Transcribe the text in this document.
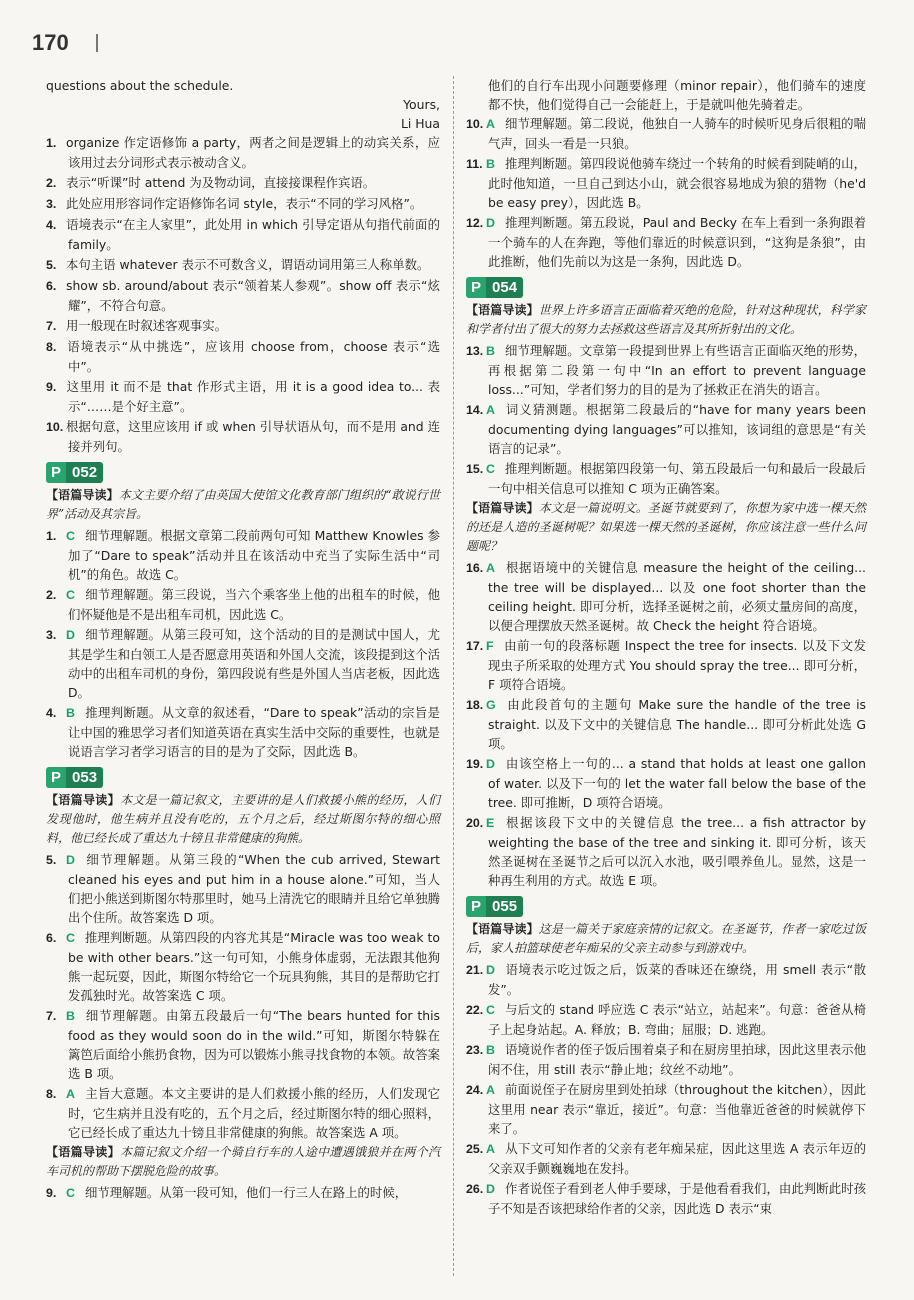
170

questions about the schedule.

Yours,

Li Hua

1. organize 作定语修饰 a party，两者之间是逻辑上的动宾关系，应该用过去分词形式表示被动含义。

2. 表示“听课”时 attend 为及物动词，直接接课程作宾语。

3. 此处应用形容词作定语修饰名词 style，表示“不同的学习风格”。

4. 语境表示“在主人家里”，此处用 in which 引导定语从句指代前面的 family。

5. 本句主语 whatever 表示不可数含义，谓语动词用第三人称单数。

6. show sb. around/about 表示“领着某人参观”。show off 表示“炫耀”，不符合句意。

7. 用一般现在时叙述客观事实。

8. 语境表示“从中挑选”，应该用 choose from，choose 表示“选中”。

9. 这里用 it 而不是 that 作形式主语，用 it is a good idea to... 表示“……是个好主意”。

10. 根据句意，这里应该用 if 或 when 引导状语从句，而不是用 and 连接并列句。

P 052

【语篇导读】本文主要介绍了由英国大使馆文化教育部门组织的“敢说行世界”活动及其宗旨。

1. C 细节理解题。根据文章第二段前两句可知 Matthew Knowles 参加了“Dare to speak”活动并且在该活动中充当了实际生活中“司机”的角色。故选 C。

2. C 细节理解题。第三段说，当六个乘客坐上他的出租车的时候，他们怀疑他是不是出租车司机，因此选 C。

3. D 细节理解题。从第三段可知，这个活动的目的是测试中国人，尤其是学生和白领工人是否愿意用英语和外国人交流，该段提到这个活动中的出租车司机的身份，第四段说有些是外国人当店老板，因此选 D。

4. B 推理判断题。从文章的叙述看，“Dare to speak”活动的宗旨是让中国的雅思学习者们知道英语在真实生活中交际的重要性，也就是说语言学习者学习语言的目的是为了交际，因此选 B。

P 053

【语篇导读】本文是一篇记叙文，主要讲的是人们救援小熊的经历，人们发现他时，他生病并且没有吃的，五个月之后，经过斯图尔特的细心照料，他已经长成了重达九十镑且非常健康的狗熊。

5. D 细节理解题。从第三段的“When the cub arrived, Stewart cleaned his eyes and put him in a house alone.”可知，当人们把小熊送到斯图尔特那里时，她马上清洗它的眼睛并且给它单独腾出个住所。故答案选 D 项。

6. C 推理判断题。从第四段的内容尤其是“Miracle was too weak to be with other bears.”这一句可知，小熊身体虚弱，无法跟其他狗熊一起玩耍，因此，斯图尔特给它一个玩具狗熊，其目的是帮助它打发孤独时光。故答案选 C 项。

7. B 细节理解题。由第五段最后一句“The bears hunted for this food as they would soon do in the wild.”可知，斯图尔特躲在篱笆后面给小熊扔食物，因为可以锻炼小熊寻找食物的本领。故答案选 B 项。

8. A 主旨大意题。本文主要讲的是人们救援小熊的经历，人们发现它时，它生病并且没有吃的，五个月之后，经过斯图尔特的细心照料，它已经长成了重达九十镑且非常健康的狗熊。故答案选 A 项。

【语篇导读】本篇记叙文介绍一个骑自行车的人途中遭遇饿狼并在两个汽车司机的帮助下摆脱危险的故事。

9. C 细节理解题。从第一段可知，他们一行三人在路上的时候，

他们的自行车出现小问题要修理（minor repair），他们骑车的速度都不快，他们觉得自己一会能赶上，于是就叫他先骑着走。

10. A 细节理解题。第二段说，他独自一人骑车的时候听见身后很粗的喘气声，回头一看是一只狼。

11. B 推理判断题。第四段说他骑车绕过一个转角的时候看到陡峭的山，此时他知道，一旦自己到达小山，就会很容易地成为狼的猎物（he'd be easy prey），因此选 B。

12. D 推理判断题。第五段说，Paul and Becky 在车上看到一条狗跟着一个骑车的人在奔跑，等他们靠近的时候意识到，“这狗是条狼”，由此推断，他们先前以为这是一条狗，因此选 D。

P 054

【语篇导读】世界上许多语言正面临着灭绝的危险，针对这种现状，科学家和学者付出了很大的努力去拯救这些语言及其所折射出的文化。

13. B 细节理解题。文章第一段提到世界上有些语言正面临灭绝的形势，再根据第二段第一句中“In an effort to prevent language loss...”可知，学者们努力的目的是为了拯救正在消失的语言。

14. A 词义猜测题。根据第二段最后的“have for many years been documenting dying languages”可以推知，该词组的意思是“有关语言的记录”。

15. C 推理判断题。根据第四段第一句、第五段最后一句和最后一段最后一句中相关信息可以推知 C 项为正确答案。

【语篇导读】本文是一篇说明文。圣诞节就要到了，你想为家中选一棵天然的还是人造的圣诞树呢？如果选一棵天然的圣诞树，你应该注意一些什么问题呢？

16. A 根据语境中的关键信息 measure the height of the ceiling... the tree will be displayed... 以及 one foot shorter than the ceiling height. 即可分析，选择圣诞树之前，必须丈量房间的高度，以便合理摆放天然圣诞树。故 Check the height 符合语境。

17. F 由前一句的段落标题 Inspect the tree for insects. 以及下文发现虫子所采取的处理方式 You should spray the tree... 即可分析，F 项符合语境。

18. G 由此段首句的主题句 Make sure the handle of the tree is straight. 以及下文中的关键信息 The handle... 即可分析此处选 G 项。

19. D 由该空格上一句的... a stand that holds at least one gallon of water. 以及下一句的 let the water fall below the base of the tree. 即可推断，D 项符合语境。

20. E 根据该段下文中的关键信息 the tree... a fish attractor by weighting the base of the tree and sinking it. 即可分析，该天然圣诞树在圣诞节之后可以沉入水池，吸引喂养鱼儿。显然，这是一种再生利用的方式。故选 E 项。

P 055

【语篇导读】这是一篇关于家庭亲情的记叙文。在圣诞节，作者一家吃过饭后，家人拍篮球使老年痴呆的父亲主动参与到游戏中。

21. D 语境表示吃过饭之后，饭菜的香味还在缭绕，用 smell 表示“散发”。

22. C 与后文的 stand 呼应选 C 表示“站立，站起来”。句意：爸爸从椅子上起身站起。A. 释放；B. 弯曲；屈服；D. 逃跑。

23. B 语境说作者的侄子饭后围着桌子和在厨房里拍球，因此这里表示他闲不住，用 still 表示“静止地；纹丝不动地”。

24. A 前面说侄子在厨房里到处拍球（throughout the kitchen），因此这里用 near 表示“靠近，接近”。句意：当他靠近爸爸的时候就停下来了。

25. A 从下文可知作者的父亲有老年痴呆症，因此这里选 A 表示年迈的父亲双手颤巍巍地在发抖。

26. D 作者说侄子看到老人伸手要球，于是他看看我们，由此判断此时孩子不知是否该把球给作者的父亲，因此选 D 表示“束
